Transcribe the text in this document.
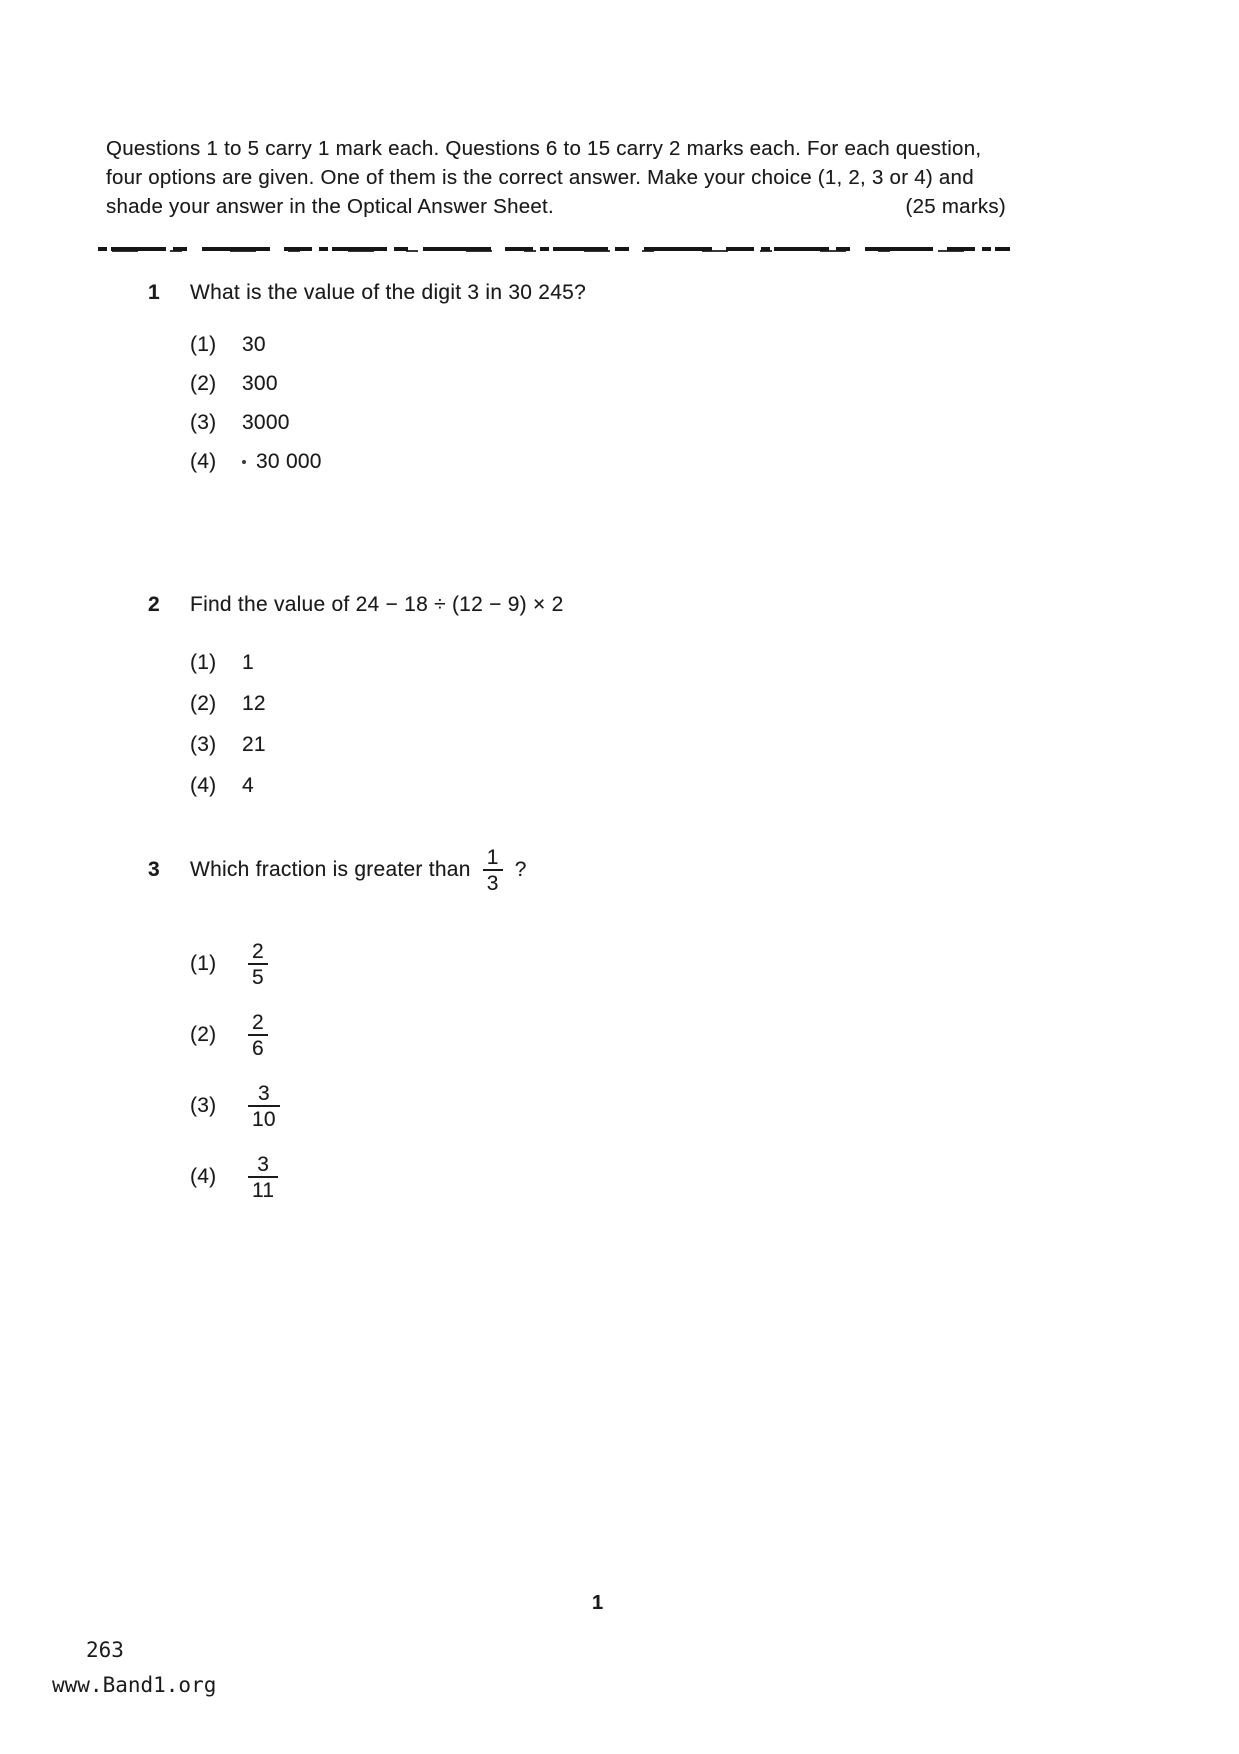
Questions 1 to 5 carry 1 mark each. Questions 6 to 15 carry 2 marks each. For each question,
four options are given. One of them is the correct answer. Make your choice (1, 2, 3 or 4) and
shade your answer in the Optical Answer Sheet.	(25 marks)
1	What is the value of the digit 3 in 30 245?
(1)	30
(2)	300
(3)	3000
(4)	30 000
2	Find the value of 24 − 18 ÷ (12 − 9) × 2
(1)	1
(2)	12
(3)	21
(4)	4
3	Which fraction is greater than $\frac{1}{3}$ ?
(1)	$\frac{2}{5}$
(2)	$\frac{2}{6}$
(3)	$\frac{3}{10}$
(4)	$\frac{3}{11}$
1
263
www.Band1.org
